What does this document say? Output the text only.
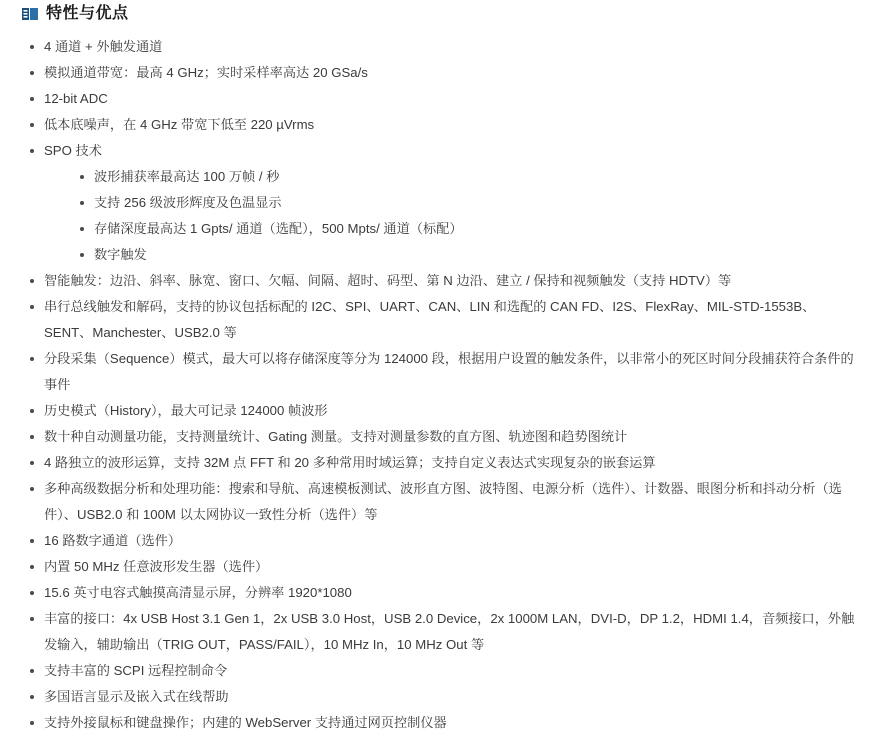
特性与优点
4 通道 + 外触发通道
模拟通道带宽：最高 4 GHz；实时采样率高达 20 GSa/s
12-bit ADC
低本底噪声，在 4 GHz 带宽下低至 220 µVrms
SPO 技术
波形捕获率最高达 100 万帧 / 秒
支持 256 级波形辉度及色温显示
存储深度最高达 1 Gpts/ 通道（选配），500 Mpts/ 通道（标配）
数字触发
智能触发：边沿、斜率、脉宽、窗口、欠幅、间隔、超时、码型、第 N 边沿、建立 / 保持和视频触发（支持 HDTV）等
串行总线触发和解码，支持的协议包括标配的 I2C、SPI、UART、CAN、LIN 和选配的 CAN FD、I2S、FlexRay、MIL-STD-1553B、SENT、Manchester、USB2.0 等
分段采集（Sequence）模式，最大可以将存储深度等分为 124000 段，根据用户设置的触发条件，以非常小的死区时间分段捕获符合条件的事件
历史模式（History），最大可记录 124000 帧波形
数十种自动测量功能，支持测量统计、Gating 测量。支持对测量参数的直方图、轨迹图和趋势图统计
4 路独立的波形运算，支持 32M 点 FFT 和 20 多种常用时域运算；支持自定义表达式实现复杂的嵌套运算
多种高级数据分析和处理功能：搜索和导航、高速模板测试、波形直方图、波特图、电源分析（选件）、计数器、眼图分析和抖动分析（选件）、USB2.0 和 100M 以太网协议一致性分析（选件）等
16 路数字通道（选件）
内置 50 MHz 任意波形发生器（选件）
15.6 英寸电容式触摸高清显示屏，分辨率 1920*1080
丰富的接口：4x USB Host 3.1 Gen 1，2x USB 3.0 Host，USB 2.0 Device，2x 1000M LAN，DVI-D，DP 1.2，HDMI 1.4，音频接口，外触发输入，辅助输出（TRIG OUT，PASS/FAIL），10 MHz In，10 MHz Out 等
支持丰富的 SCPI 远程控制命令
多国语言显示及嵌入式在线帮助
支持外接鼠标和键盘操作；内建的 WebServer 支持通过网页控制仪器
